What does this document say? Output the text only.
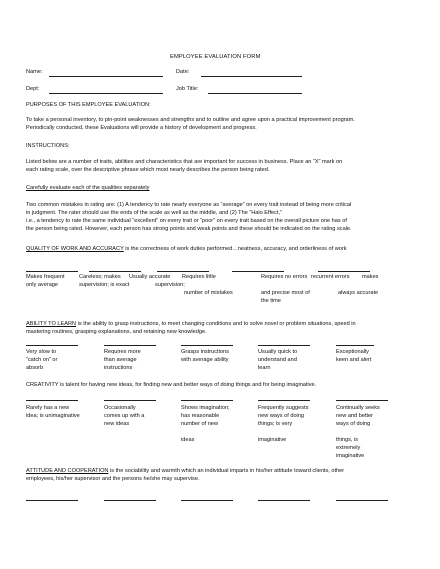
EMPLOYEE EVALUATION FORM
Name:	Date:
Dept:	Job Title:
PURPOSES OF THIS EMPLOYEE EVALUATION:
To take a personal inventory, to pin-point weaknesses and strengths and to outline and agree upon a practical improvement program.
Periodically conducted, these Evaluations will provide a history of development and progress.
INSTRUCTIONS:
Listed below are a number of traits, abilities and characteristics that are important for success in business. Place an “X” mark on
each rating scale, over the descriptive phrase which most nearly describes the person being rated.
Carefully evaluate each of the qualities separately
Two common mistakes in rating are: (1) A tendency to rate nearly everyone as “average” on every trait instead of being more critical
in judgment. The rater should use the ends of the scale as well as the middle, and (2) The “Halo Effect,”
i.e., a tendency to rate the same individual “excellent” on every trait or “poor” on every trait based on the overall picture one has of
the person being rated. However, each person has strong points and weak points and these should be indicated on the rating scale.
QUALITY OF WORK AND ACCURACY is the correctness of work duties performed…neatness, accuracy, and orderliness of work
Makes frequent
only average
Careless; makes
supervision; is exact
Usually accurate
supervision;
Requires little

number of mistakes
Requires no errors

and precise most of
the time
recurrent errors

always accurate
makes
ABILITY TO LEARN is the ability to grasp instructions, to meet changing conditions and to solve novel or problem situations, speed in
mastering routines, grasping explanations, and retaining new knowledge.
Very slow to
“catch on” or
absorb
Requires more
than average
instructions
Grasps instructions
with average ability
Usually quick to
understand and
learn
Exceptionally
keen and alert
CREATIVITY is talent for having new ideas, for finding new and better ways of doing things and for being imaginative.
Rarely has a new
idea; is unimaginative
Occasionally
comes up with a
new ideas
Shows imagination;
has reasonable
number of new

ideas
Frequently suggests
new ways of doing
things; is very

imaginative
Continually seeks
new and better
ways of doing

things, is
extremely
imaginative
ATTITUDE AND COOPERATION is the sociability and warmth which an individual imparts in his/her attitude toward clients, other
employees, his/her supervisor and the persons he/she may supervise.
